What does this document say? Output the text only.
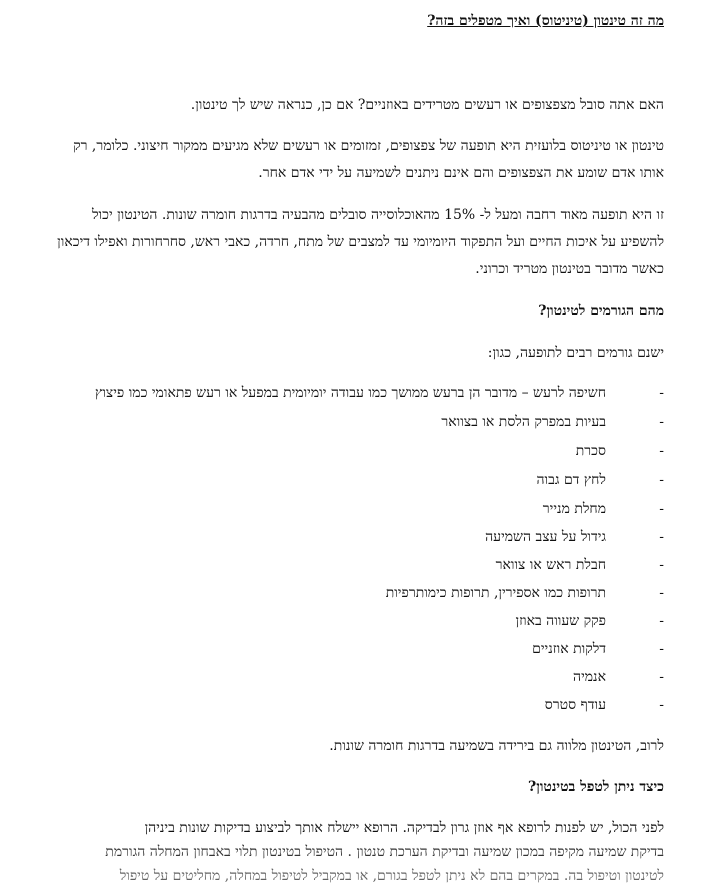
מה זה טינטון (טיניטוס) ואיך מטפלים בזה?
האם אתה סובל מצפצופים או רעשים מטרידים באוזניים? אם כן, כנראה שיש לך טינטון.
טינטון או טיניטוס בלועזית היא תופעה של צפצופים, זמזומים או רעשים שלא מגיעים ממקור חיצוני. כלומר, רק
אותו אדם שומע את הצפצופים והם אינם ניתנים לשמיעה על ידי אדם אחר.
זו היא תופעה מאוד רחבה ומעל ל- 15% מהאוכלוסייה סובלים מהבעיה בדרגות חומרה שונות. הטינטון יכול
להשפיע על איכות החיים ועל התפקוד היומיומי עד למצבים של מתח, חרדה, כאבי ראש, סחרחורות ואפילו דיכאון
כאשר מדובר בטינטון מטריד וכרוני.
מהם הגורמים לטינטון?
ישנם גורמים רבים לתופעה, כגון:
-
חשיפה לרעש – מדובר הן ברעש ממושך כמו עבודה יומיומית במפעל או רעש פתאומי כמו פיצוץ
-
בעיות במפרק הלסת או בצוואר
-
סכרת
-
לחץ דם גבוה
-
מחלת מנייר
-
גידול על עצב השמיעה
-
חבלת ראש או צוואר
-
תרופות כמו אספירין, תרופות כימותרפיות
-
פקק שעווה באוזן
-
דלקות אוזניים
-
אנמיה
-
עודף סטרס
לרוב, הטינטון מלווה גם בירידה בשמיעה בדרגות חומרה שונות.
כיצד ניתן לטפל בטינטון?
לפני הכול, יש לפנות לרופא אף אוזן גרון לבדיקה. הרופא יישלח אותך לביצוע בדיקות שונות ביניהן
בדיקת שמיעה מקיפה במכון שמיעה ובדיקת הערכת טנטון . הטיפול בטינטון תלוי באבחון המחלה הגורמת
לטינטון וטיפול בה. במקרים בהם לא ניתן לטפל בגורם, או במקביל לטיפול במחלה, מחליטים על טיפול
